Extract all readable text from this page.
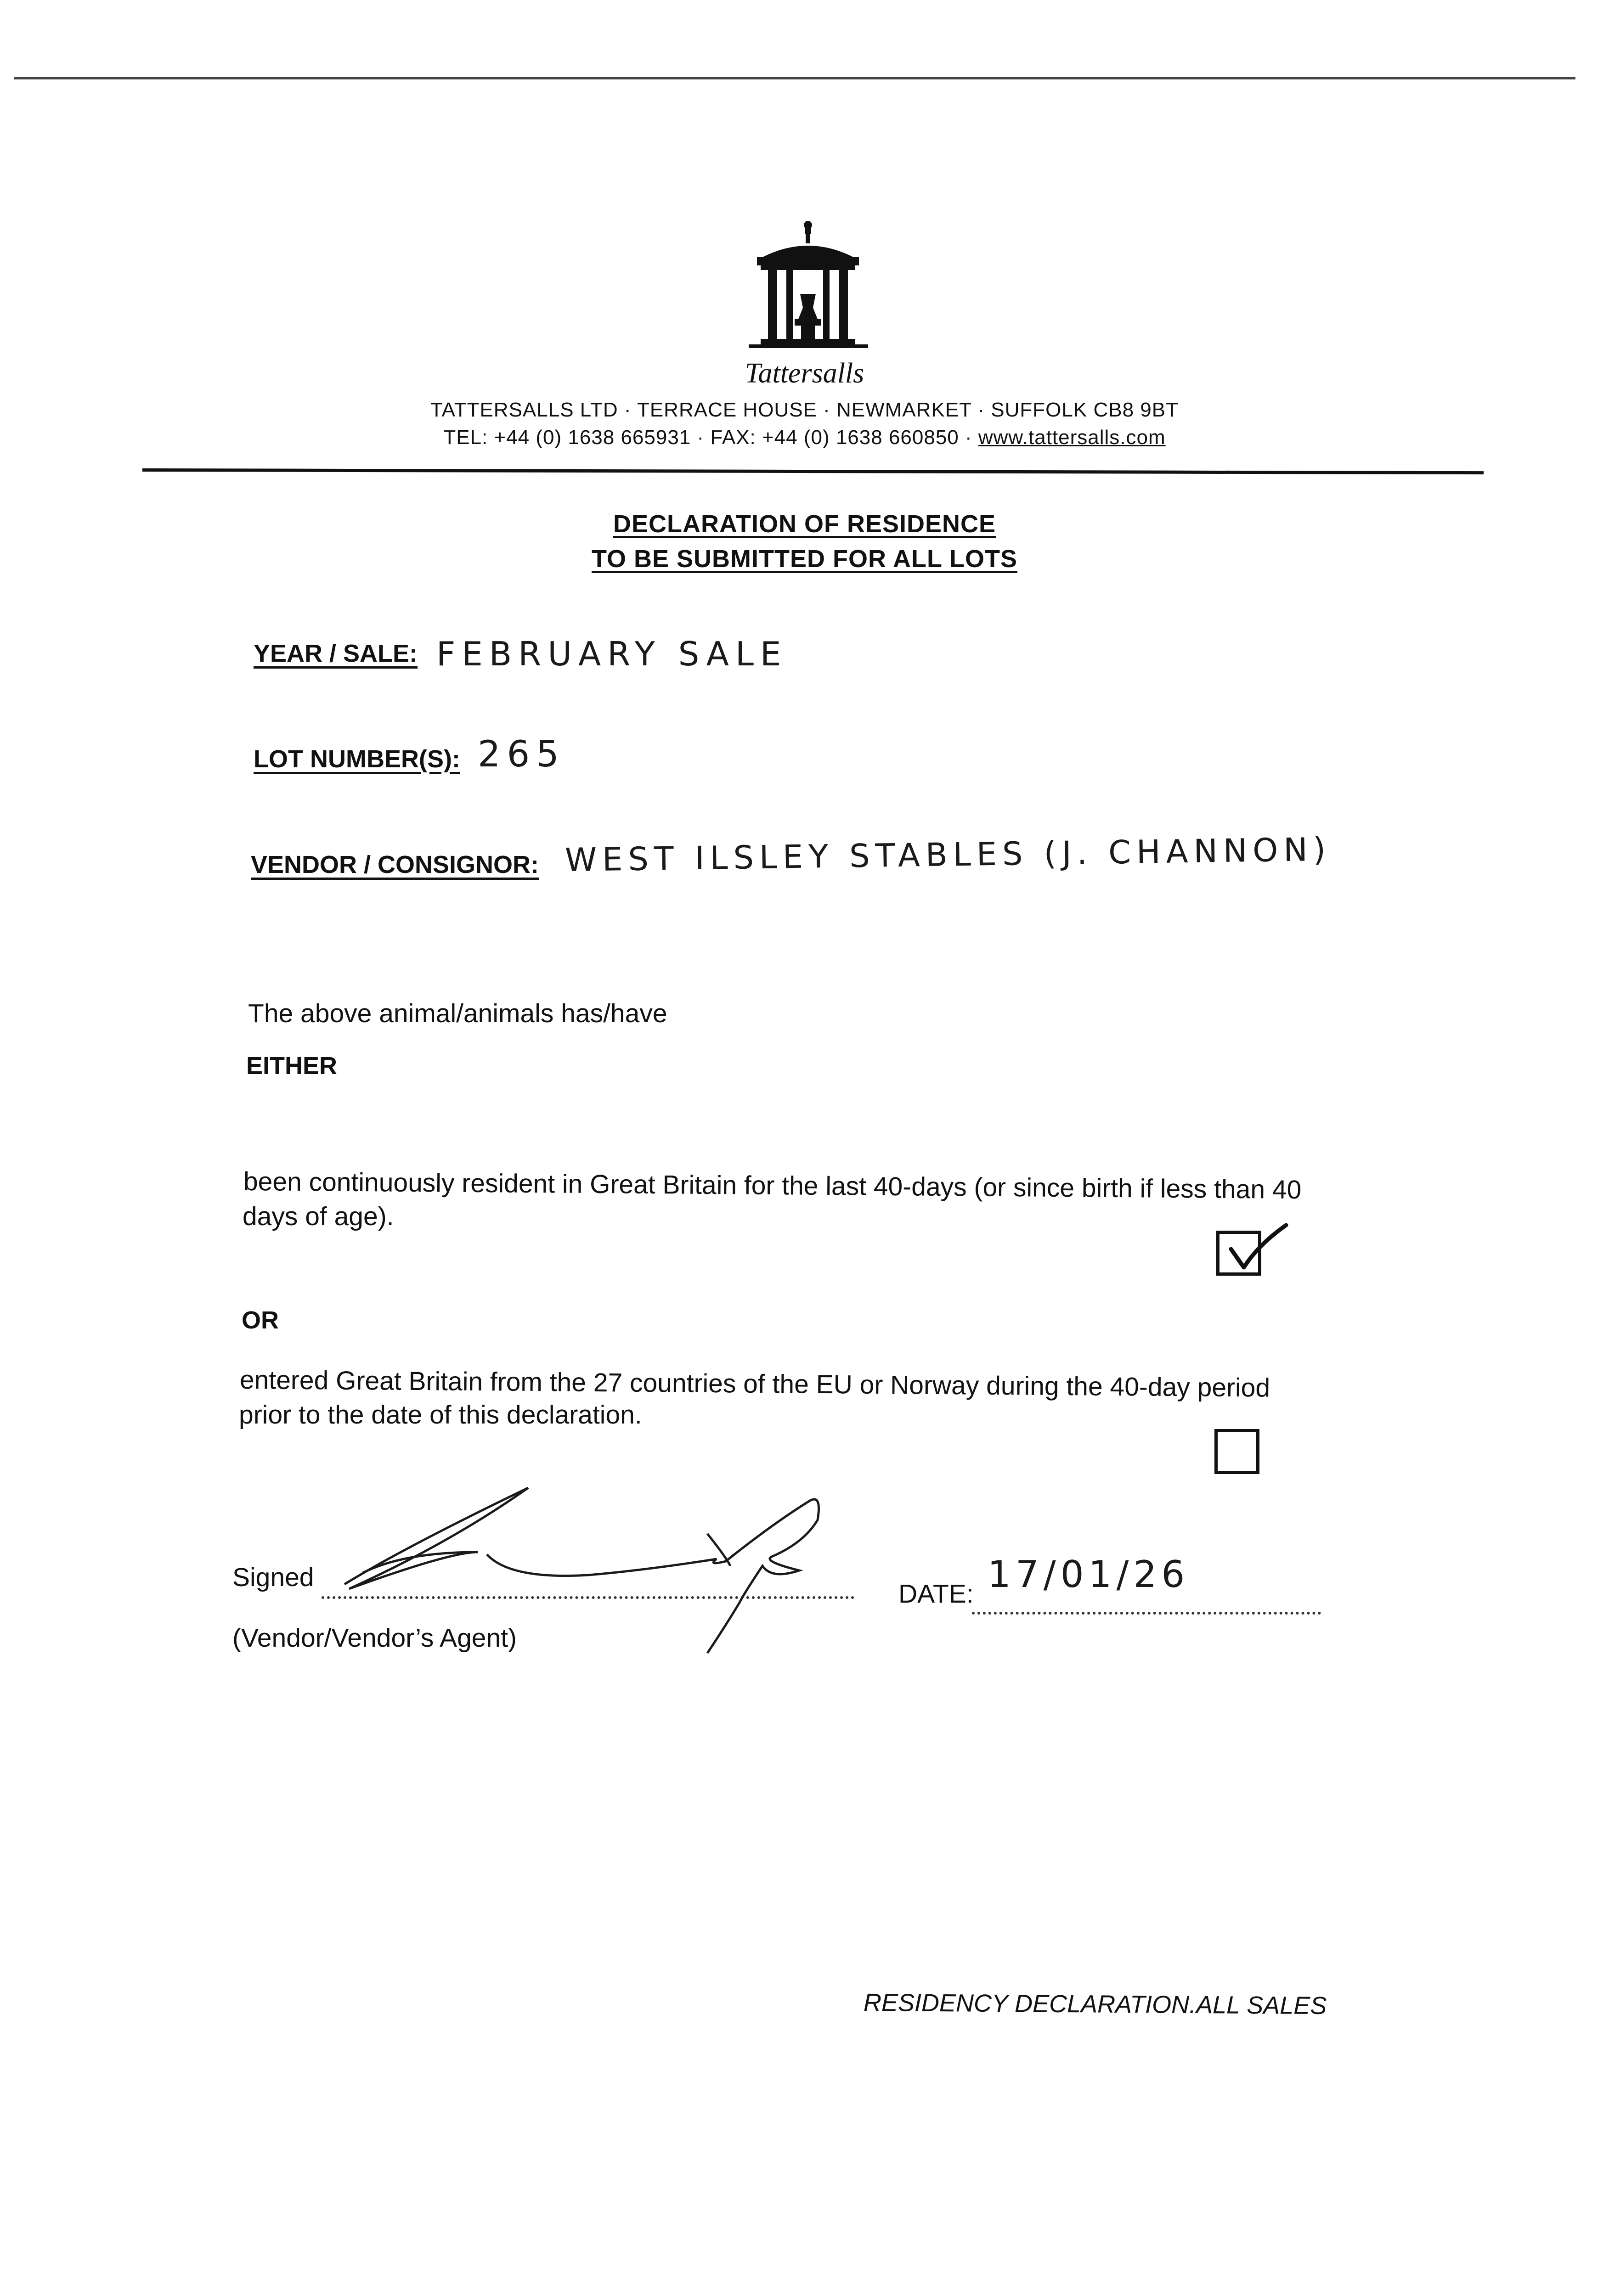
Tattersalls
TATTERSALLS LTD · TERRACE HOUSE · NEWMARKET · SUFFOLK CB8 9BT
TEL: +44 (0) 1638 665931 · FAX: +44 (0) 1638 660850 · www.tattersalls.com
DECLARATION OF RESIDENCE
TO BE SUBMITTED FOR ALL LOTS
YEAR / SALE: FEBRUARY SALE
LOT NUMBER(S): 265
VENDOR / CONSIGNOR: WEST ILSLEY STABLES (J. CHANNON)
The above animal/animals has/have
EITHER
been continuously resident in Great Britain for the last 40-days (or since birth if less than 40
days of age).
OR
entered Great Britain from the 27 countries of the EU or Norway during the 40-day period
prior to the date of this declaration.
Signed
(Vendor/Vendor’s Agent)
DATE: 17/01/26
RESIDENCY DECLARATION.ALL SALES
